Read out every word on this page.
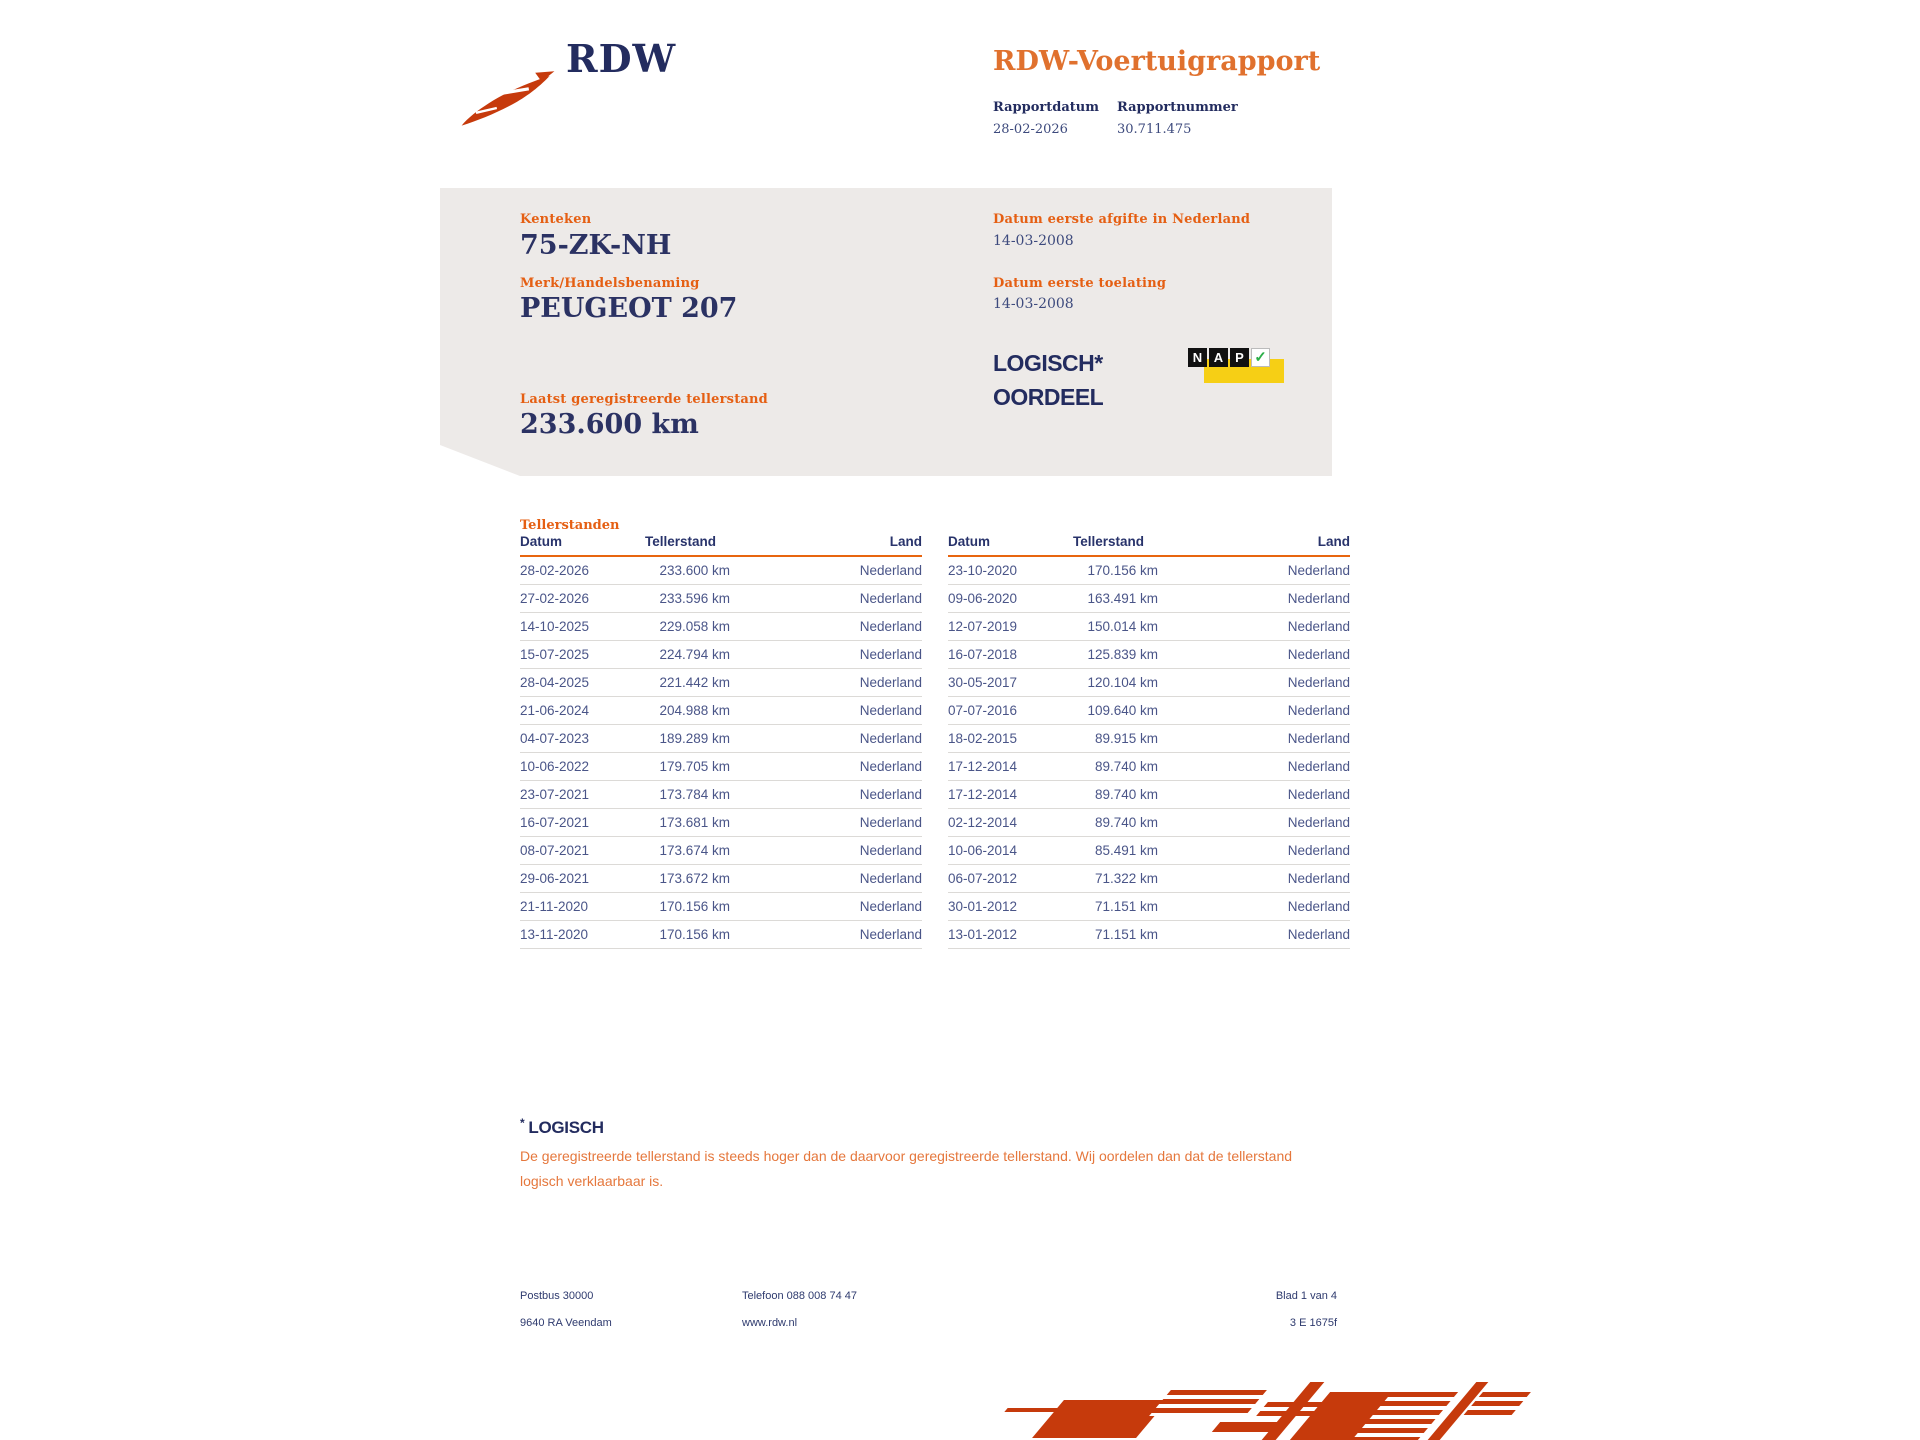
RDW	RDW-Voertuigrapport
Rapportdatum Rapportnummer
28-02-2026	30.711.475
Kenteken
75-ZK-NH
Merk/Handelsbenaming
PEUGEOT 207
Laatst geregistreerde tellerstand
233.600 km
Datum eerste afgifte in Nederland
14-03-2008
Datum eerste toelating
14-03-2008
LOGISCH*
OORDEEL
N A P ✓
Tellerstanden
Datum	Tellerstand	Land
28-02-2026	233.600 km	Nederland
27-02-2026	233.596 km	Nederland
14-10-2025	229.058 km	Nederland
15-07-2025	224.794 km	Nederland
28-04-2025	221.442 km	Nederland
21-06-2024	204.988 km	Nederland
04-07-2023	189.289 km	Nederland
10-06-2022	179.705 km	Nederland
23-07-2021	173.784 km	Nederland
16-07-2021	173.681 km	Nederland
08-07-2021	173.674 km	Nederland
29-06-2021	173.672 km	Nederland
21-11-2020	170.156 km	Nederland
13-11-2020	170.156 km	Nederland
Datum	Tellerstand	Land
23-10-2020	170.156 km	Nederland
09-06-2020	163.491 km	Nederland
12-07-2019	150.014 km	Nederland
16-07-2018	125.839 km	Nederland
30-05-2017	120.104 km	Nederland
07-07-2016	109.640 km	Nederland
18-02-2015	89.915 km	Nederland
17-12-2014	89.740 km	Nederland
17-12-2014	89.740 km	Nederland
02-12-2014	89.740 km	Nederland
10-06-2014	85.491 km	Nederland
06-07-2012	71.322 km	Nederland
30-01-2012	71.151 km	Nederland
13-01-2012	71.151 km	Nederland
* LOGISCH
De geregistreerde tellerstand is steeds hoger dan de daarvoor geregistreerde tellerstand. Wij oordelen dan dat de tellerstand logisch verklaarbaar is.
Postbus 30000
9640 RA Veendam
Telefoon 088 008 74 47
www.rdw.nl
Blad 1 van 4
3 E 1675f
